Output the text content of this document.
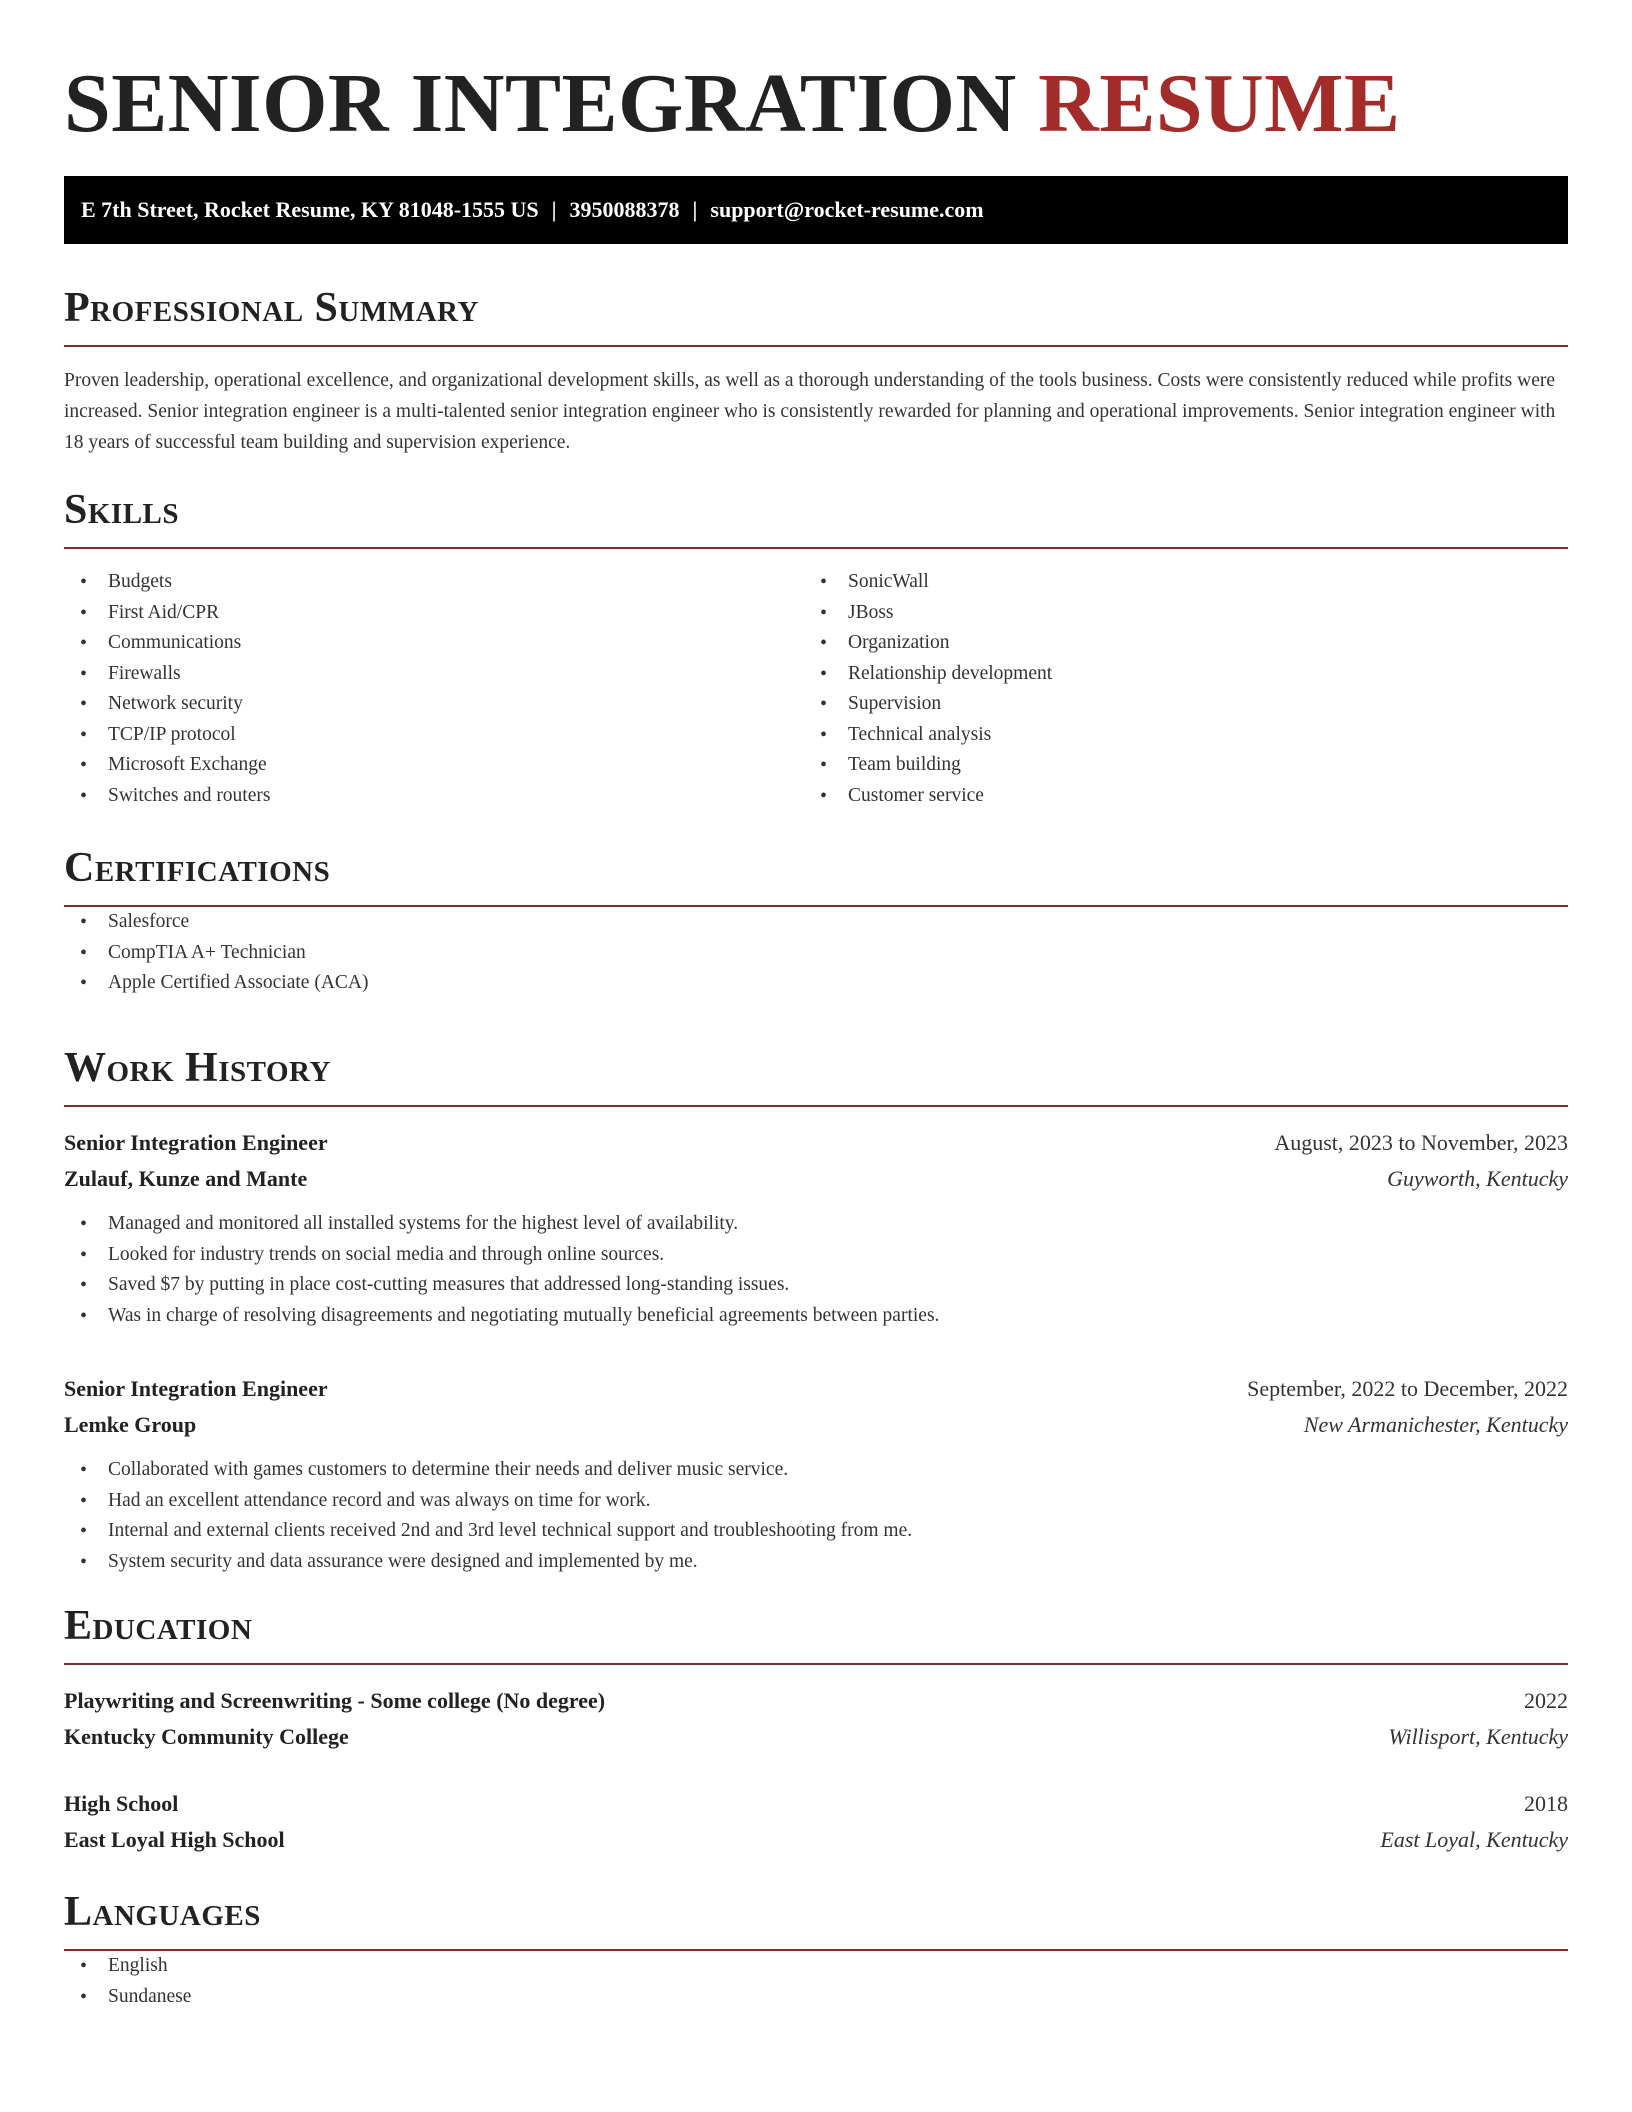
SENIOR INTEGRATION RESUME
E 7th Street, Rocket Resume, KY 81048-1555 US | 3950088378 | support@rocket-resume.com
Professional Summary

Proven leadership, operational excellence, and organizational development skills, as well as a thorough understanding of the tools business. Costs were consistently reduced while profits were increased. Senior integration engineer is a multi-talented senior integration engineer who is consistently rewarded for planning and operational improvements. Senior integration engineer with 18 years of successful team building and supervision experience.

Skills
• Budgets
• First Aid/CPR
• Communications
• Firewalls
• Network security
• TCP/IP protocol
• Microsoft Exchange
• Switches and routers
• SonicWall
• JBoss
• Organization
• Relationship development
• Supervision
• Technical analysis
• Team building
• Customer service
Certifications
• Salesforce
• CompTIA A+ Technician
• Apple Certified Associate (ACA)
Work History
Senior Integration Engineer	August, 2023 to November, 2023
Zulauf, Kunze and Mante	Guyworth, Kentucky
• Managed and monitored all installed systems for the highest level of availability.
• Looked for industry trends on social media and through online sources.
• Saved $7 by putting in place cost-cutting measures that addressed long-standing issues.
• Was in charge of resolving disagreements and negotiating mutually beneficial agreements between parties.
Senior Integration Engineer	September, 2022 to December, 2022
Lemke Group	New Armanichester, Kentucky
• Collaborated with games customers to determine their needs and deliver music service.
• Had an excellent attendance record and was always on time for work.
• Internal and external clients received 2nd and 3rd level technical support and troubleshooting from me.
• System security and data assurance were designed and implemented by me.
Education
Playwriting and Screenwriting - Some college (No degree)	2022
Kentucky Community College	Willisport, Kentucky
High School	2018
East Loyal High School	East Loyal, Kentucky
Languages
• English
• Sundanese
